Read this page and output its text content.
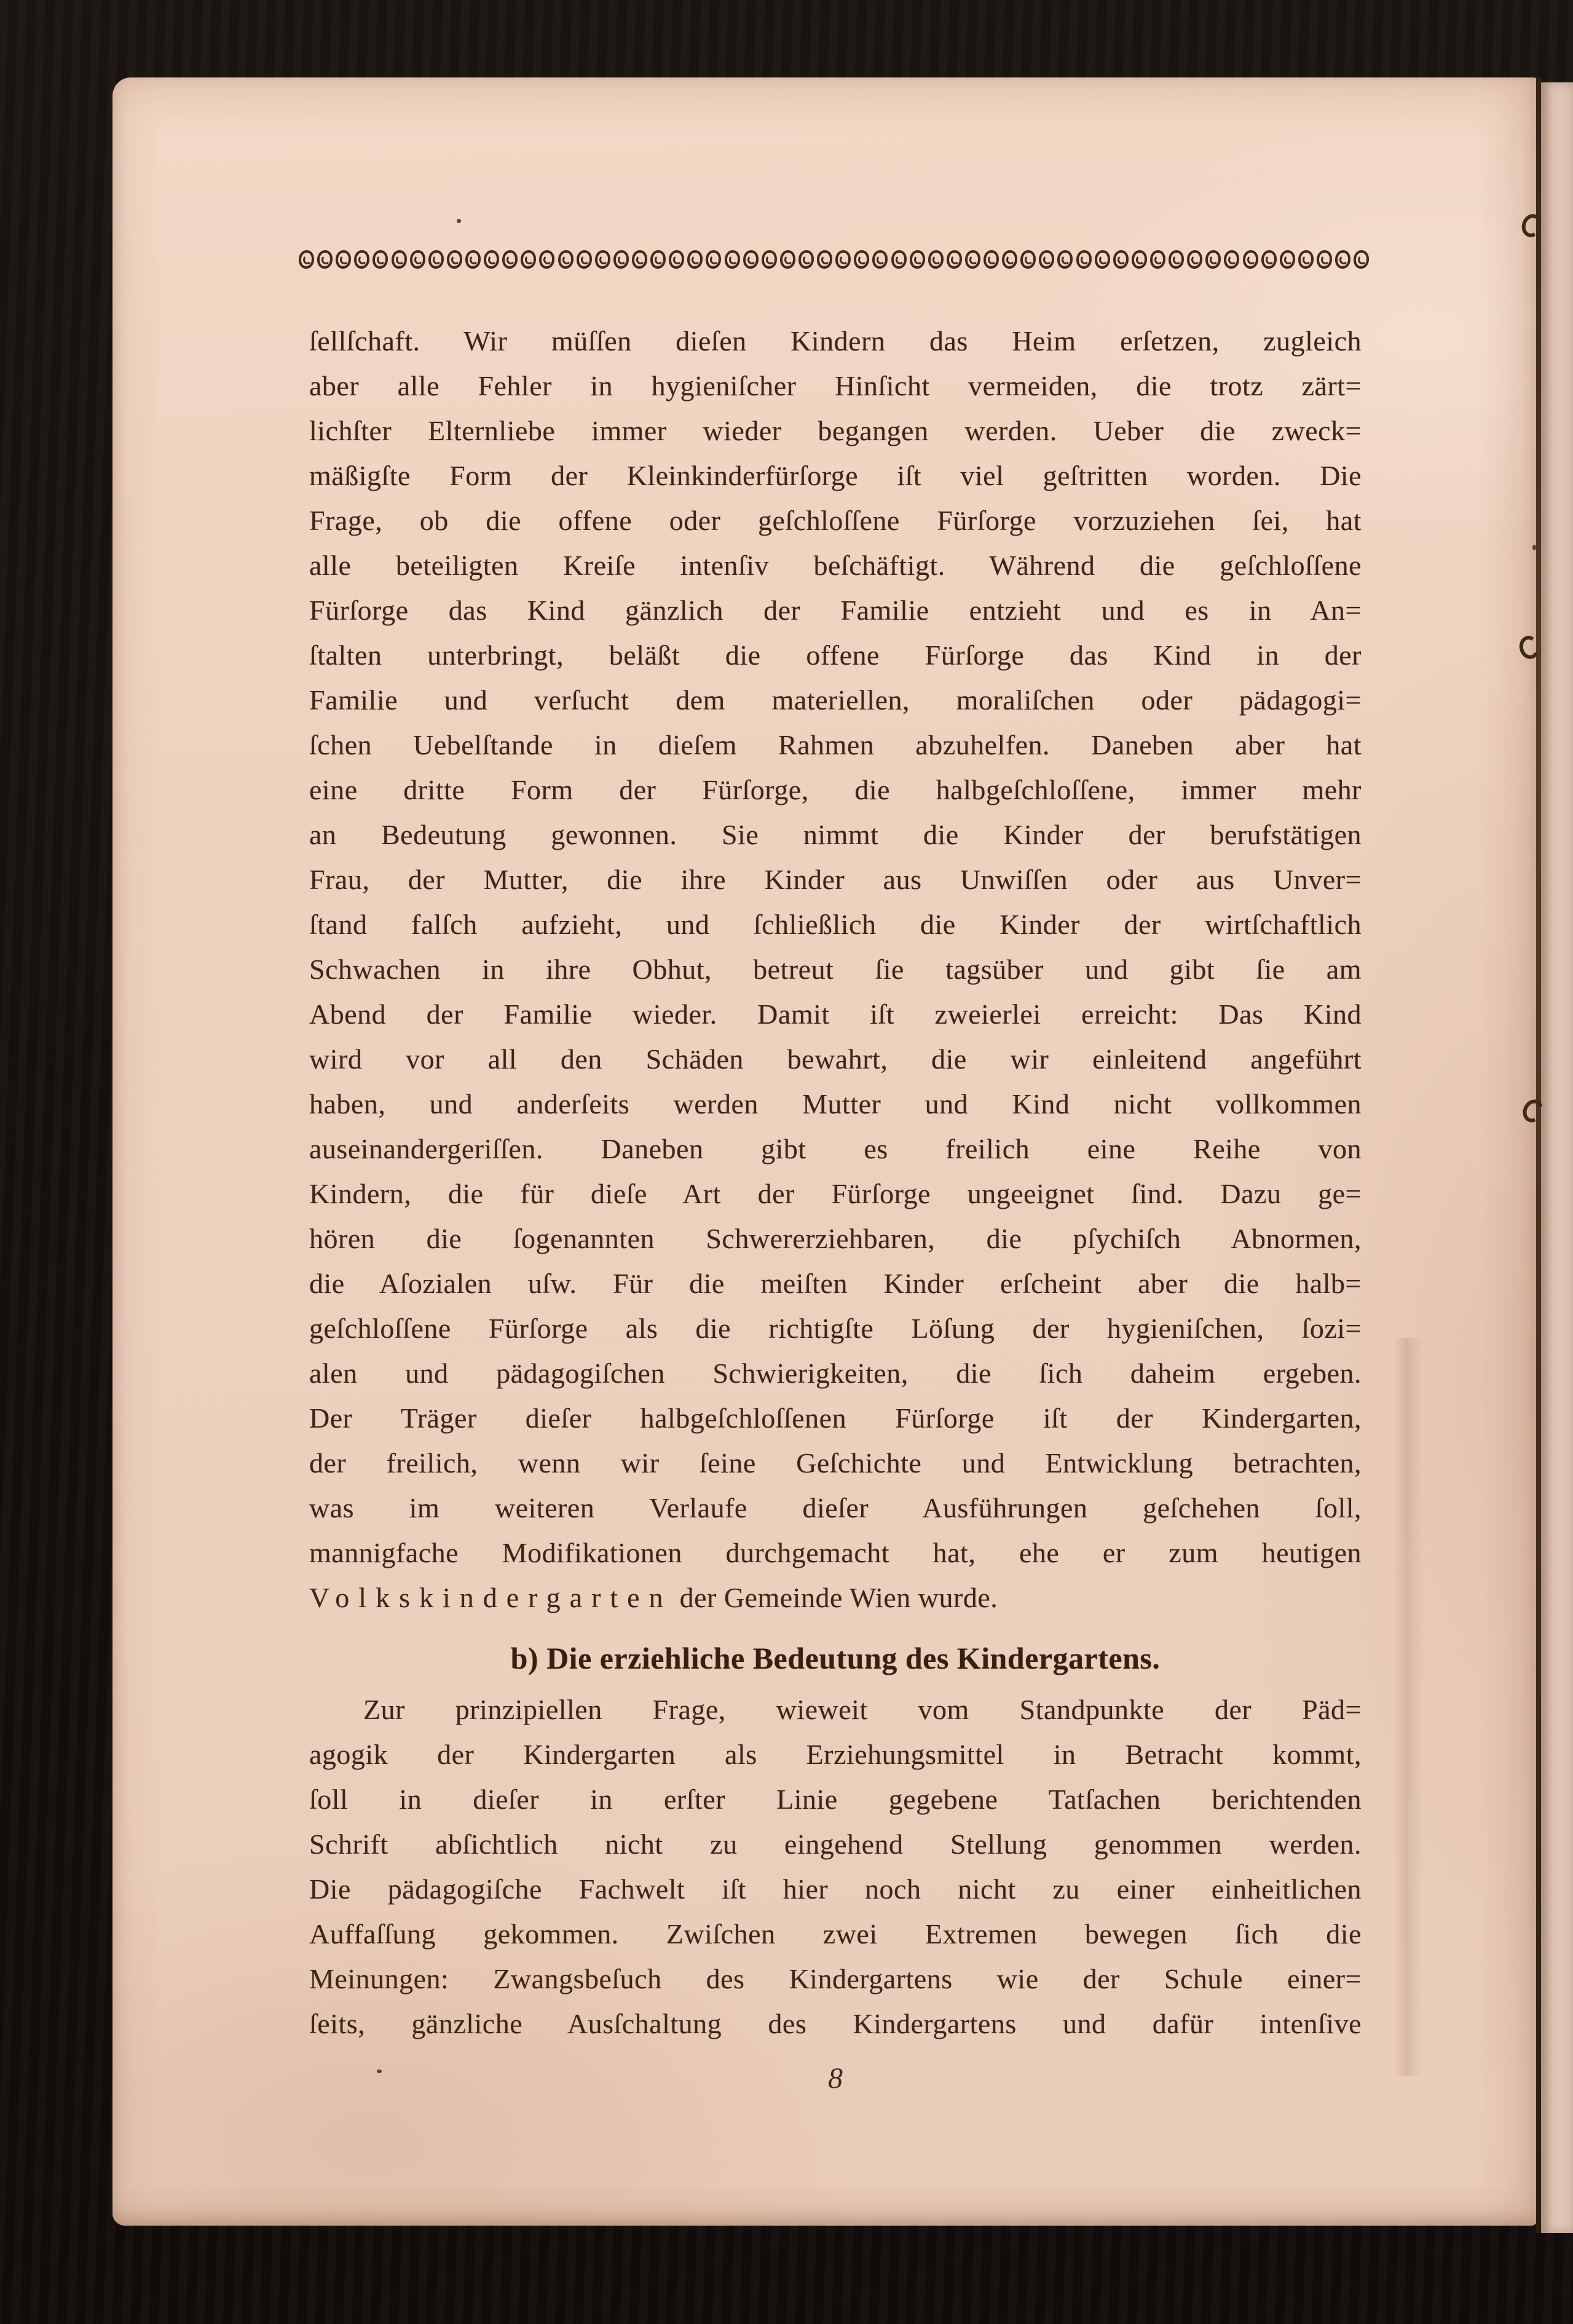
ſellſchaft. Wir müſſen dieſen Kindern das Heim erſetzen, zugleich
aber alle Fehler in hygieniſcher Hinſicht vermeiden, die trotz zärt=
lichſter Elternliebe immer wieder begangen werden. Ueber die zweck=
mäßigſte Form der Kleinkinderfürſorge iſt viel geſtritten worden. Die
Frage, ob die offene oder geſchloſſene Fürſorge vorzuziehen ſei, hat
alle beteiligten Kreiſe intenſiv beſchäftigt. Während die geſchloſſene
Fürſorge das Kind gänzlich der Familie entzieht und es in An=
ſtalten unterbringt, beläßt die offene Fürſorge das Kind in der
Familie und verſucht dem materiellen, moraliſchen oder pädagogi=
ſchen Uebelſtande in dieſem Rahmen abzuhelfen. Daneben aber hat
eine dritte Form der Fürſorge, die halbgeſchloſſene, immer mehr
an Bedeutung gewonnen. Sie nimmt die Kinder der berufstätigen
Frau, der Mutter, die ihre Kinder aus Unwiſſen oder aus Unver=
ſtand falſch aufzieht, und ſchließlich die Kinder der wirtſchaftlich
Schwachen in ihre Obhut, betreut ſie tagsüber und gibt ſie am
Abend der Familie wieder. Damit iſt zweierlei erreicht: Das Kind
wird vor all den Schäden bewahrt, die wir einleitend angeführt
haben, und anderſeits werden Mutter und Kind nicht vollkommen
auseinandergeriſſen. Daneben gibt es freilich eine Reihe von
Kindern, die für dieſe Art der Fürſorge ungeeignet ſind. Dazu ge=
hören die ſogenannten Schwererziehbaren, die pſychiſch Abnormen,
die Aſozialen uſw. Für die meiſten Kinder erſcheint aber die halb=
geſchloſſene Fürſorge als die richtigſte Löſung der hygieniſchen, ſozi=
alen und pädagogiſchen Schwierigkeiten, die ſich daheim ergeben.
Der Träger dieſer halbgeſchloſſenen Fürſorge iſt der Kindergarten,
der freilich, wenn wir ſeine Geſchichte und Entwicklung betrachten,
was im weiteren Verlaufe dieſer Ausführungen geſchehen ſoll,
mannigfache Modifikationen durchgemacht hat, ehe er zum heutigen
Volkskindergarten der Gemeinde Wien wurde.
b) Die erziehliche Bedeutung des Kindergartens.
Zur prinzipiellen Frage, wieweit vom Standpunkte der Päd=
agogik der Kindergarten als Erziehungsmittel in Betracht kommt,
ſoll in dieſer in erſter Linie gegebene Tatſachen berichtenden
Schrift abſichtlich nicht zu eingehend Stellung genommen werden.
Die pädagogiſche Fachwelt iſt hier noch nicht zu einer einheitlichen
Auffaſſung gekommen. Zwiſchen zwei Extremen bewegen ſich die
Meinungen: Zwangsbeſuch des Kindergartens wie der Schule einer=
ſeits, gänzliche Ausſchaltung des Kindergartens und dafür intenſive
8
